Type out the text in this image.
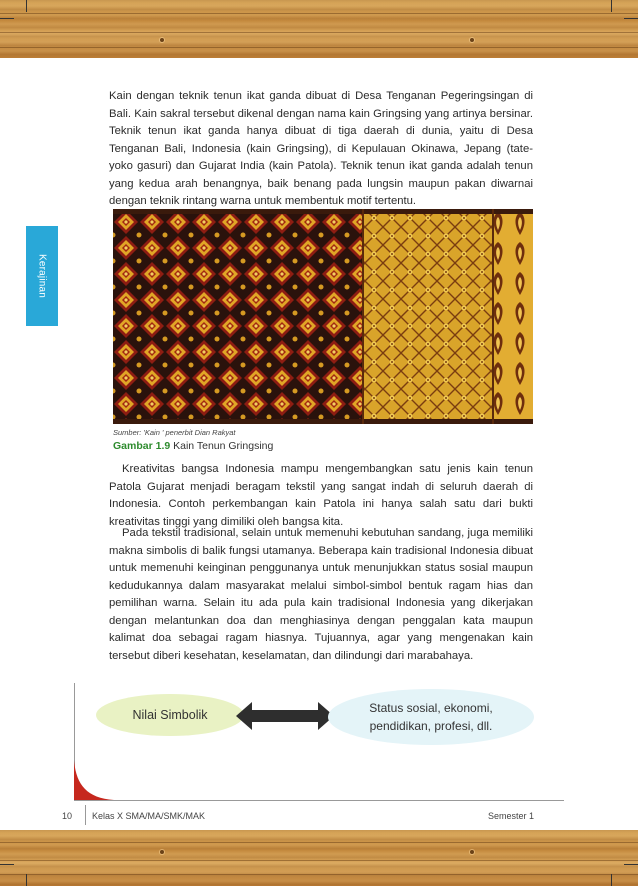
Kerajinan

Kain dengan teknik tenun ikat ganda dibuat di Desa Tenganan Pegeringsingan di Bali. Kain sakral tersebut dikenal dengan nama kain Gringsing yang artinya bersinar. Teknik tenun ikat ganda hanya dibuat di tiga daerah di dunia, yaitu di Desa Tenganan Bali, Indonesia (kain Gringsing), di Kepulauan Okinawa, Jepang (tate-yoko gasuri) dan Gujarat India (kain Patola). Teknik tenun ikat ganda adalah tenun yang kedua arah benangnya, baik benang pada lungsin maupun pakan diwarnai dengan teknik rintang warna untuk membentuk motif tertentu.

Sumber: 'Kain ' penerbit Dian Rakyat
Gambar 1.9 Kain Tenun Gringsing

Kreativitas bangsa Indonesia mampu mengembangkan satu jenis kain tenun Patola Gujarat menjadi beragam tekstil yang sangat indah di seluruh daerah di Indonesia. Contoh perkembangan kain Patola ini hanya salah satu dari bukti kreativitas tinggi yang dimiliki oleh bangsa kita.

Pada tekstil tradisional, selain untuk memenuhi kebutuhan sandang, juga memiliki makna simbolis di balik fungsi utamanya. Beberapa kain tradisional Indonesia dibuat untuk memenuhi keinginan penggunanya untuk menunjukkan status sosial maupun kedudukannya dalam masyarakat melalui simbol-simbol bentuk ragam hias dan pemilihan warna. Selain itu ada pula kain tradisional Indonesia yang dikerjakan dengan melantunkan doa dan menghiasinya dengan penggalan kata maupun kalimat doa sebagai ragam hiasnya. Tujuannya, agar yang mengenakan kain tersebut diberi kesehatan, keselamatan, dan dilindungi dari marabahaya.

Nilai Simbolik	Status sosial, ekonomi,
pendidikan, profesi, dll.
10 Kelas X SMA/MA/SMK/MAK	Semester 1
